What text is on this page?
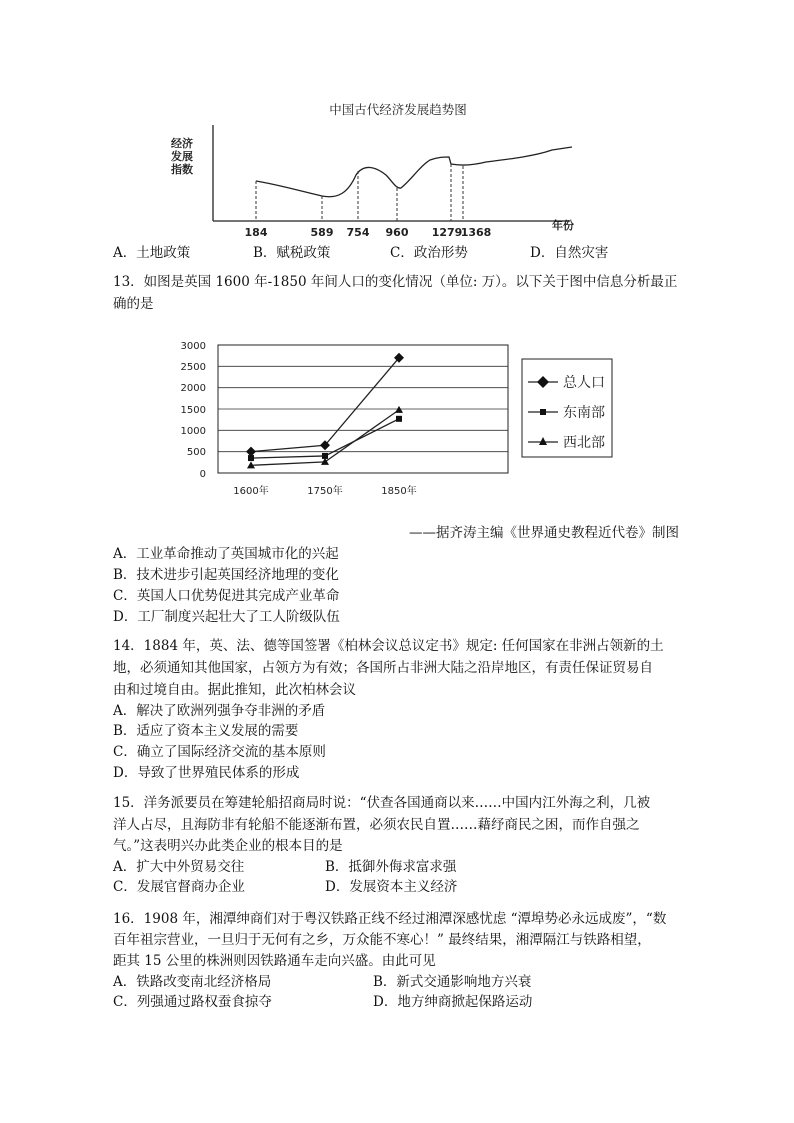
中国古代经济发展趋势图
经济
发展
指数
184	589 754 960 1279
1368
年份
A．土地政策	B．赋税政策	C．政治形势	D．自然灾害
13．如图是英国 1600 年-1850 年间人口的变化情况（单位: 万）。以下关于图中信息分析最正
确的是
3000
2500
2000
1500
1000
500
0
1600年	1750年	1850年
总人口
东南部
西北部
——据齐涛主编《世界通史教程近代卷》制图
A．工业革命推动了英国城市化的兴起
B．技术进步引起英国经济地理的变化
C．英国人口优势促进其完成产业革命
D．工厂制度兴起壮大了工人阶级队伍
14．1884 年，英、法、德等国签署《柏林会议总议定书》规定: 任何国家在非洲占领新的土
地，必须通知其他国家，占领方为有效；各国所占非洲大陆之沿岸地区，有责任保证贸易自
由和过境自由。据此推知，此次柏林会议
A．解决了欧洲列强争夺非洲的矛盾
B．适应了资本主义发展的需要
C．确立了国际经济交流的基本原则
D．导致了世界殖民体系的形成
15．洋务派要员在筹建轮船招商局时说：“伏查各国通商以来……中国内江外海之利，几被
洋人占尽，且海防非有轮船不能逐渐布置，必须农民自置……藉纾商民之困，而作自强之
气。”这表明兴办此类企业的根本目的是
A．扩大中外贸易交往	B．抵御外侮求富求强
C．发展官督商办企业	D．发展资本主义经济
16．1908 年，湘潭绅商们对于粤汉铁路正线不经过湘潭深感忧虑 “潭埠势必永远成废”，“数
百年祖宗营业，一旦归于无何有之乡，万众能不寒心！” 最终结果，湘潭隔江与铁路相望，
距其 15 公里的株洲则因铁路通车走向兴盛。由此可见
A．铁路改变南北经济格局	B．新式交通影响地方兴衰
C．列强通过路权蚕食掠夺	D．地方绅商掀起保路运动
